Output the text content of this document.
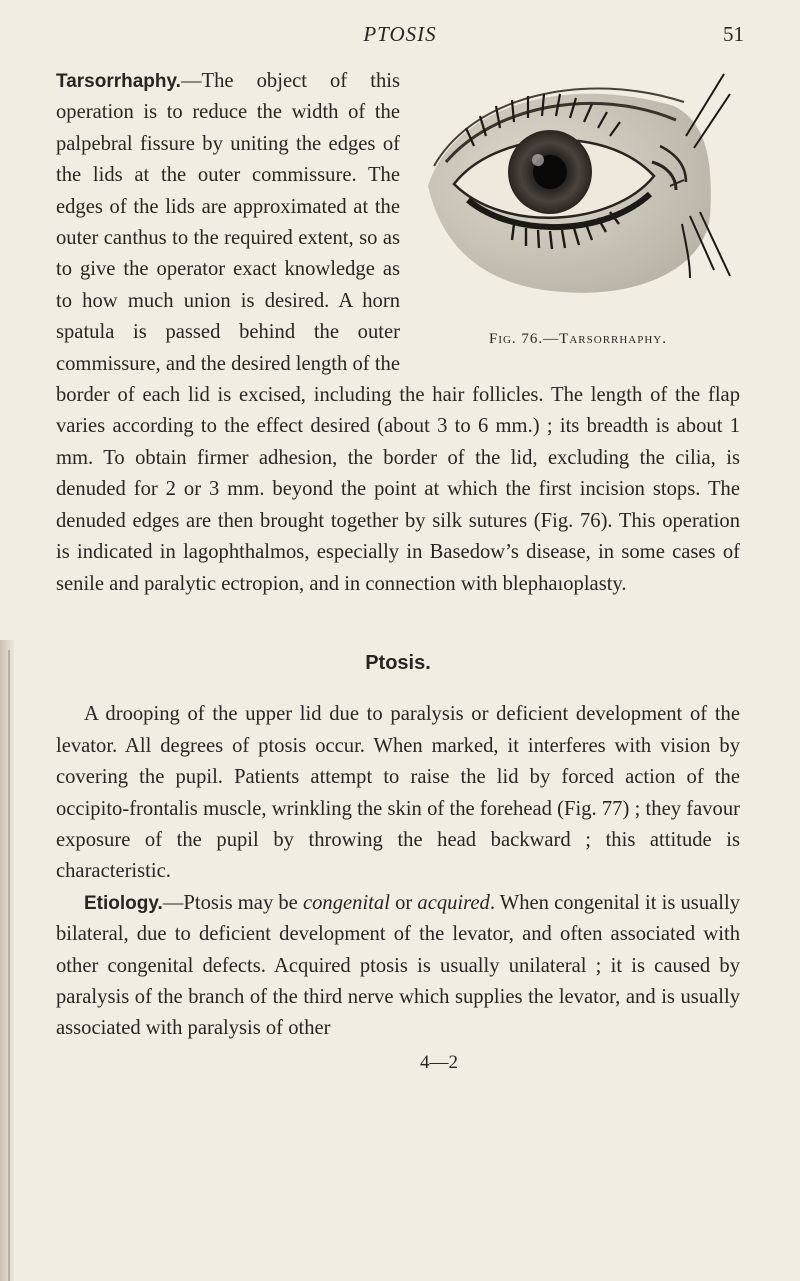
PTOSIS	51
Fig. 76.—Tarsorrhaphy.

Tarsorrhaphy.—The object of this operation is to reduce the width of the palpebral fissure by uniting the edges of the lids at the outer commissure. The edges of the lids are approximated at the outer canthus to the required extent, so as to give the operator exact knowledge as to how much union is desired. A horn spatula is passed behind the outer commissure, and the desired length of the border of each lid is excised, including the hair follicles. The length of the flap varies according to the effect desired (about 3 to 6 mm.) ; its breadth is about 1 mm. To obtain firmer adhesion, the border of the lid, excluding the cilia, is denuded for 2 or 3 mm. beyond the point at which the first incision stops. The denuded edges are then brought together by silk sutures (Fig. 76). This operation is indicated in lagophthalmos, especially in Basedow’s disease, in some cases of senile and paralytic ectropion, and in connection with blephaıoplasty.

Ptosis.

A drooping of the upper lid due to paralysis or deficient development of the levator. All degrees of ptosis occur. When marked, it interferes with vision by covering the pupil. Patients attempt to raise the lid by forced action of the occipito-frontalis muscle, wrinkling the skin of the forehead (Fig. 77) ; they favour exposure of the pupil by throwing the head backward ; this attitude is characteristic.

Etiology.—Ptosis may be congenital or acquired. When congenital it is usually bilateral, due to deficient development of the levator, and often associated with other congenital defects. Acquired ptosis is usually unilateral ; it is caused by paralysis of the branch of the third nerve which supplies the levator, and is usually associated with paralysis of other

4—2
